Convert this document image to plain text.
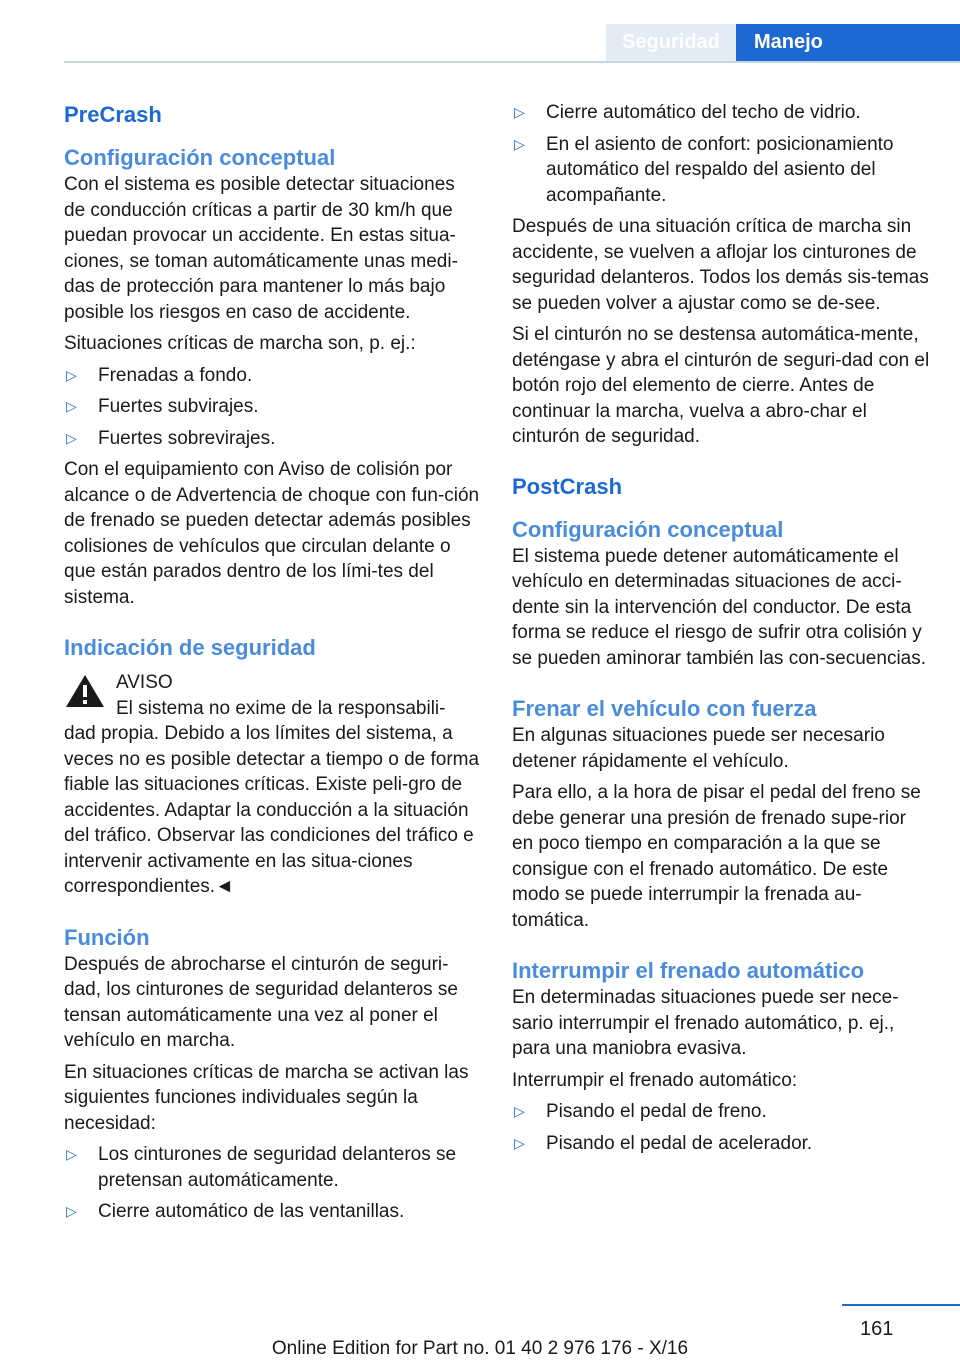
Seguridad	Manejo
PreCrash
Configuración conceptual

Con el sistema es posible detectar situaciones de conducción críticas a partir de 30 km/h que puedan provocar un accidente. En estas situa‐ciones, se toman automáticamente unas medi‐das de protección para mantener lo más bajo posible los riesgos en caso de accidente.

Situaciones críticas de marcha son, p. ej.:

▷ Frenadas a fondo.
▷ Fuertes subvirajes.
▷ Fuertes sobrevirajes.

Con el equipamiento con Aviso de colisión por alcance o de Advertencia de choque con fun‐ción de frenado se pueden detectar además posibles colisiones de vehículos que circulan delante o que están parados dentro de los lími‐tes del sistema.

Indicación de seguridad
AVISO
El sistema no exime de la responsabili‐
dad propia. Debido a los límites del sistema, a veces no es posible detectar a tiempo o de forma fiable las situaciones críticas. Existe peli‐gro de accidentes. Adaptar la conducción a la situación del tráfico. Observar las condiciones del tráfico e intervenir activamente en las situa‐ciones correspondientes.◄
Función

Después de abrocharse el cinturón de seguri‐dad, los cinturones de seguridad delanteros se tensan automáticamente una vez al poner el vehículo en marcha.

En situaciones críticas de marcha se activan las siguientes funciones individuales según la necesidad:

▷ Los cinturones de seguridad delanteros se pretensan automáticamente.
▷ Cierre automático de las ventanillas.
▷ Cierre automático del techo de vidrio.
▷ En el asiento de confort: posicionamiento automático del respaldo del asiento del acompañante.

Después de una situación crítica de marcha sin accidente, se vuelven a aflojar los cinturones de seguridad delanteros. Todos los demás sis‐temas se pueden volver a ajustar como se de‐see.

Si el cinturón no se destensa automática‐mente, deténgase y abra el cinturón de seguri‐dad con el botón rojo del elemento de cierre. Antes de continuar la marcha, vuelva a abro‐char el cinturón de seguridad.

PostCrash
Configuración conceptual

El sistema puede detener automáticamente el vehículo en determinadas situaciones de acci‐dente sin la intervención del conductor. De esta forma se reduce el riesgo de sufrir otra colisión y se pueden aminorar también las con‐secuencias.

Frenar el vehículo con fuerza

En algunas situaciones puede ser necesario detener rápidamente el vehículo.

Para ello, a la hora de pisar el pedal del freno se debe generar una presión de frenado supe‐rior en poco tiempo en comparación a la que se consigue con el frenado automático. De este modo se puede interrumpir la frenada au‐tomática.

Interrumpir el frenado automático

En determinadas situaciones puede ser nece‐sario interrumpir el frenado automático, p. ej., para una maniobra evasiva.

Interrumpir el frenado automático:

▷ Pisando el pedal de freno.
▷ Pisando el pedal de acelerador.
161
Online Edition for Part no. 01 40 2 976 176 - X/16
